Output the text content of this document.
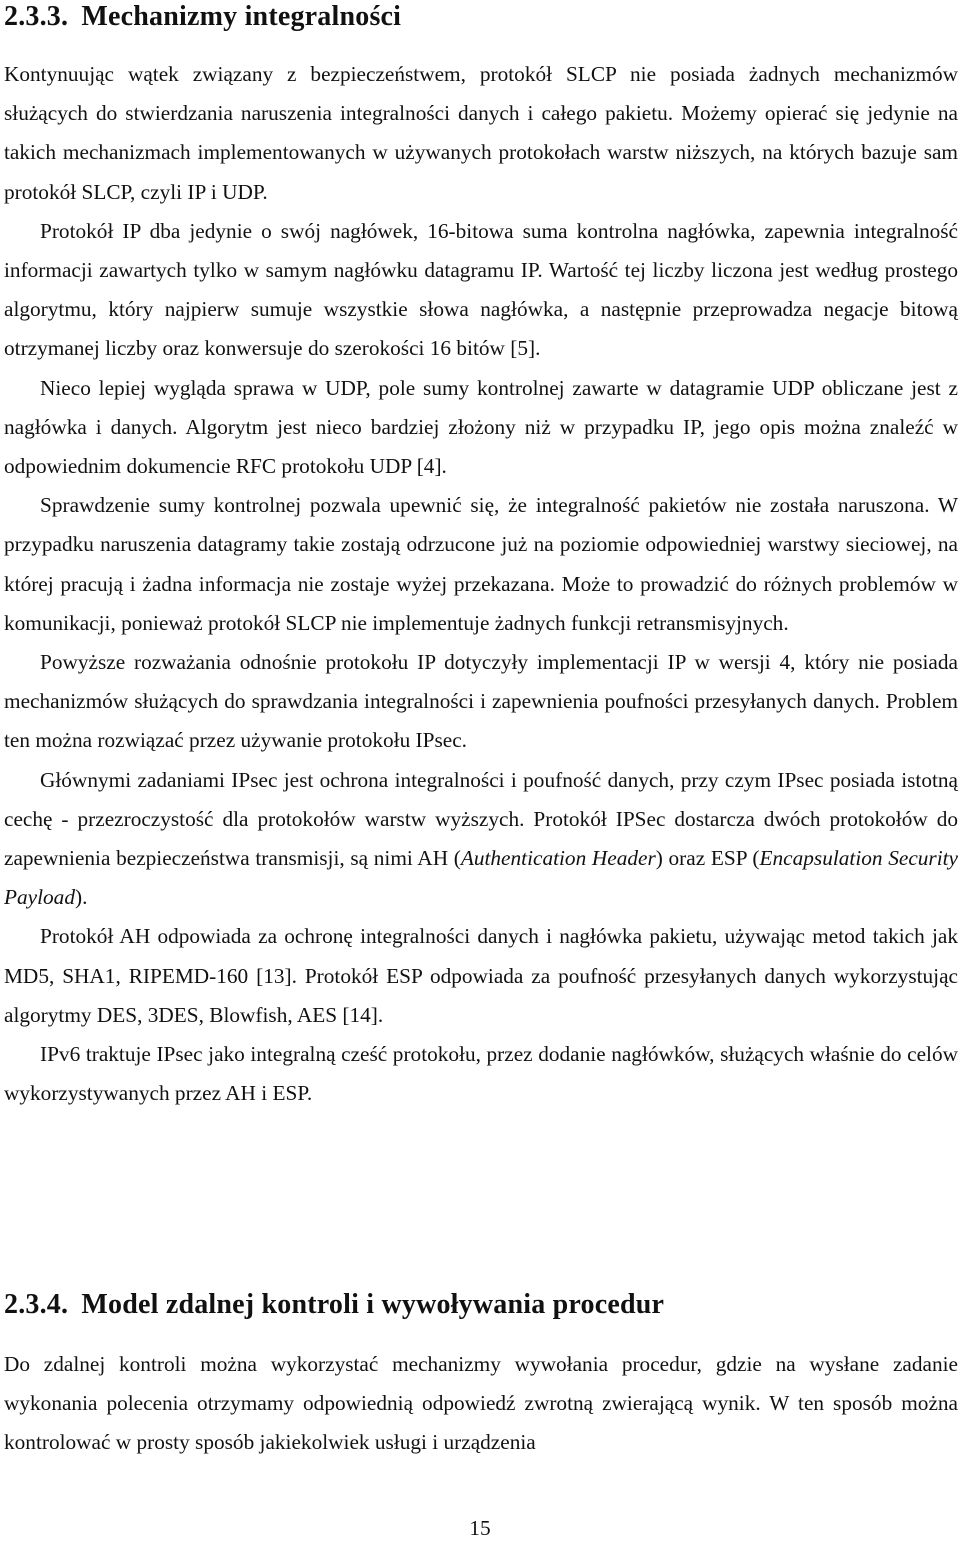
2.3.3. Mechanizmy integralności

Kontynuując wątek związany z bezpieczeństwem, protokół SLCP nie posiada żadnych mechanizmów służących do stwierdzania naruszenia integralności danych i całego pakietu. Możemy opierać się jedynie na takich mechanizmach implementowanych w używanych protokołach warstw niższych, na których bazuje sam protokół SLCP, czyli IP i UDP.

Protokół IP dba jedynie o swój nagłówek, 16-bitowa suma kontrolna nagłówka, zapewnia integralność informacji zawartych tylko w samym nagłówku datagramu IP. Wartość tej liczby liczona jest według prostego algorytmu, który najpierw sumuje wszystkie słowa nagłówka, a następnie przeprowadza negacje bitową otrzymanej liczby oraz konwersuje do szerokości 16 bitów [5].

Nieco lepiej wygląda sprawa w UDP, pole sumy kontrolnej zawarte w datagramie UDP obliczane jest z nagłówka i danych. Algorytm jest nieco bardziej złożony niż w przypadku IP, jego opis można znaleźć w odpowiednim dokumencie RFC protokołu UDP [4].

Sprawdzenie sumy kontrolnej pozwala upewnić się, że integralność pakietów nie została naruszona. W przypadku naruszenia datagramy takie zostają odrzucone już na poziomie odpowiedniej warstwy sieciowej, na której pracują i żadna informacja nie zostaje wyżej przekazana. Może to prowadzić do różnych problemów w komunikacji, ponieważ protokół SLCP nie implementuje żadnych funkcji retransmisyjnych.

Powyższe rozważania odnośnie protokołu IP dotyczyły implementacji IP w wersji 4, który nie posiada mechanizmów służących do sprawdzania integralności i zapewnienia poufności przesyłanych danych. Problem ten można rozwiązać przez używanie protokołu IPsec.

Głównymi zadaniami IPsec jest ochrona integralności i poufność danych, przy czym IPsec posiada istotną cechę - przezroczystość dla protokołów warstw wyższych. Protokół IPSec dostarcza dwóch protokołów do zapewnienia bezpieczeństwa transmisji, są nimi AH (Authentication Header) oraz ESP (Encapsulation Security Payload).

Protokół AH odpowiada za ochronę integralności danych i nagłówka pakietu, używając metod takich jak MD5, SHA1, RIPEMD-160 [13]. Protokół ESP odpowiada za poufność przesyłanych danych wykorzystując algorytmy DES, 3DES, Blowfish, AES [14].

IPv6 traktuje IPsec jako integralną cześć protokołu, przez dodanie nagłówków, służących właśnie do celów wykorzystywanych przez AH i ESP.

2.3.4. Model zdalnej kontroli i wywoływania procedur

Do zdalnej kontroli można wykorzystać mechanizmy wywołania procedur, gdzie na wysłane zadanie wykonania polecenia otrzymamy odpowiednią odpowiedź zwrotną zwierającą wynik. W ten sposób można kontrolować w prosty sposób jakiekolwiek usługi i urządzenia

15
